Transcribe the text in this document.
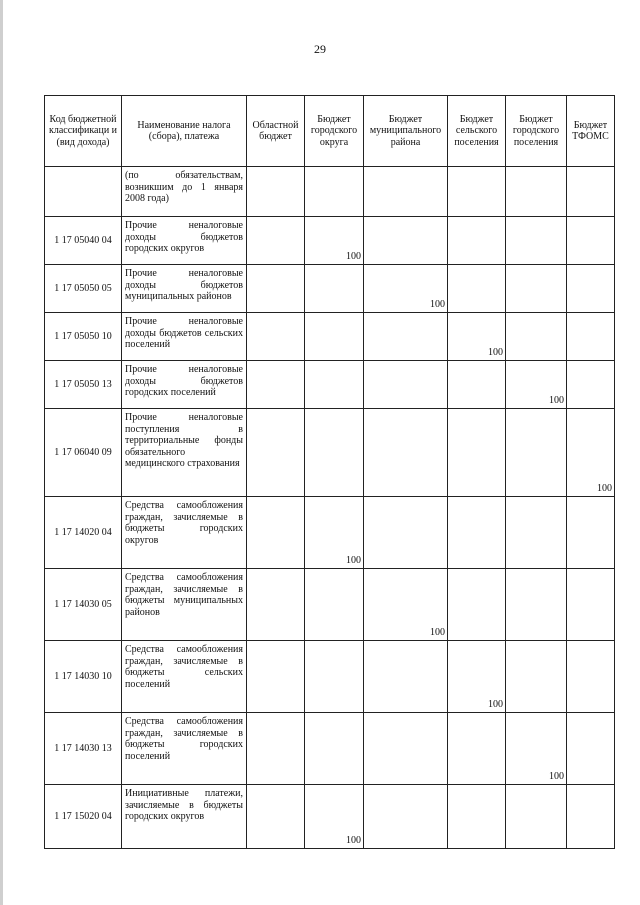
29
Код бюджетной классификаци и (вид дохода)	Наименование налога (сбора), платежа	Областной бюджет	Бюджет городского округа	Бюджет муниципального района	Бюджет сельского поселения	Бюджет городского поселения	Бюджет ТФОМС
	(по обязательствам, возникшим до 1 января 2008 года)						
1 17 05040 04	Прочие неналоговые доходы бюджетов городских округов		100				
1 17 05050 05	Прочие неналоговые доходы бюджетов муниципальных районов			100			
1 17 05050 10	Прочие неналоговые доходы бюджетов сельских поселений				100		
1 17 05050 13	Прочие неналоговые доходы бюджетов городских поселений					100	
1 17 06040 09	Прочие неналоговые поступления в территориальные фонды обязательного медицинского страхования						100
1 17 14020 04	Средства самообложения граждан, зачисляемые в бюджеты городских округов		100				
1 17 14030 05	Средства самообложения граждан, зачисляемые в бюджеты муниципальных районов			100			
1 17 14030 10	Средства самообложения граждан, зачисляемые в бюджеты сельских поселений				100		
1 17 14030 13	Средства самообложения граждан, зачисляемые в бюджеты городских поселений					100	
1 17 15020 04	Инициативные платежи, зачисляемые в бюджеты городских округов		100				
